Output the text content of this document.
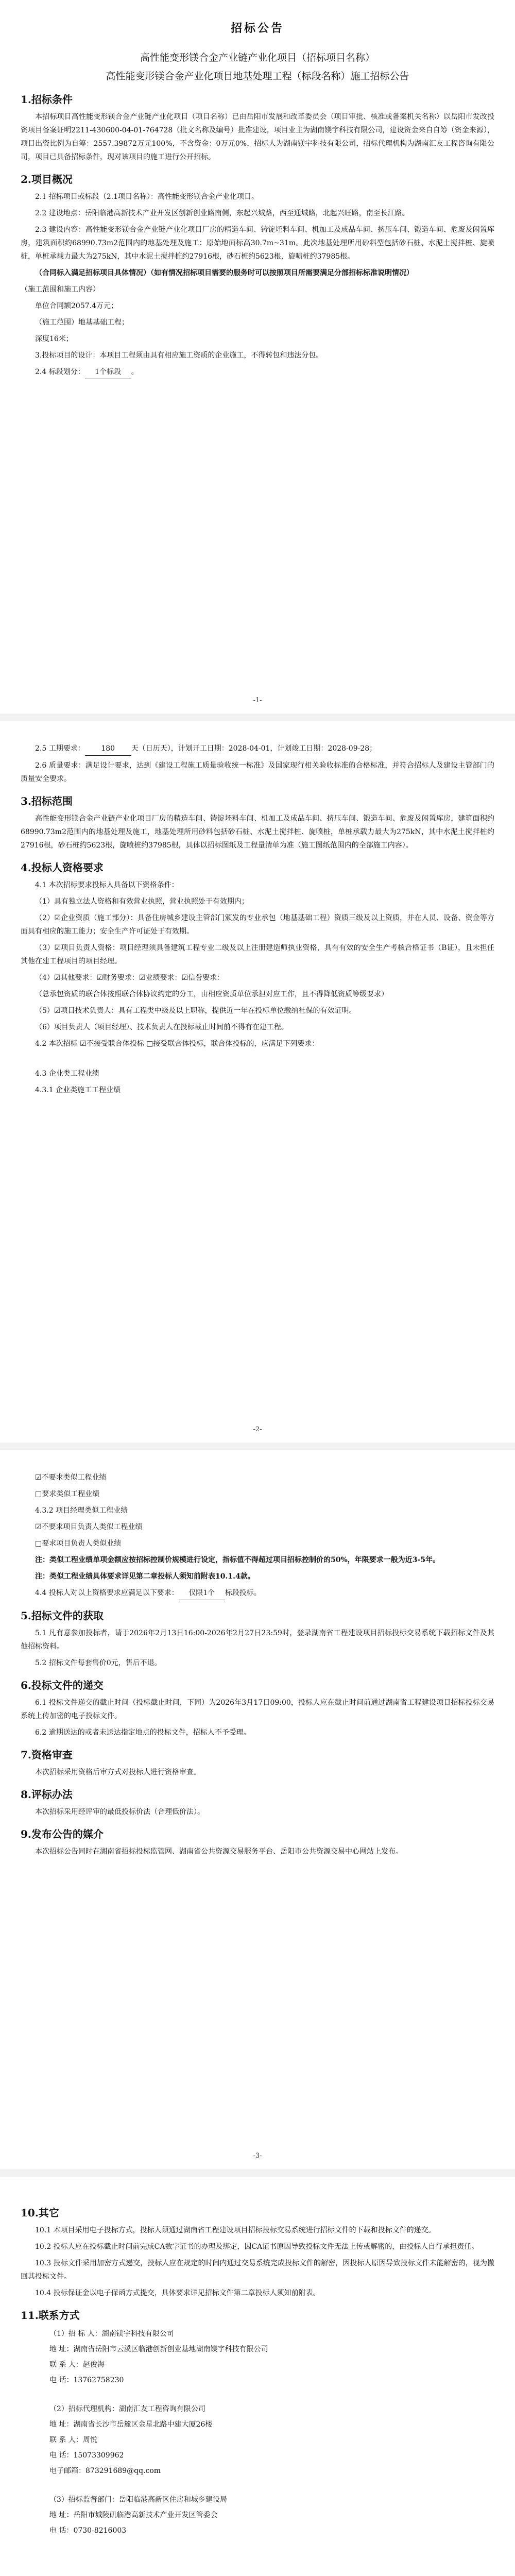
招标公告
高性能变形镁合金产业链产业化项目（招标项目名称）
高性能变形镁合金产业化项目地基处理工程（标段名称）施工招标公告
1.招标条件

本招标项目高性能变形镁合金产业链产业化项目（项目名称）已由岳阳市发展和改革委员会（项目审批、核准或备案机关名称）以岳阳市发改投资项目备案证明2211-430600-04-01-764728（批文名称及编号）批准建设，项目业主为湖南镁宇科技有限公司，建设资金来自自筹（资金来源），项目出资比例为自筹：2557.39872万元100%，不含资金：0万元0%，招标人为湖南镁宇科技有限公司，招标代理机构为湖南汇友工程咨询有限公司，项目已具备招标条件，现对该项目的施工进行公开招标。

2.项目概况

2.1 招标项目或标段（2.1项目名称）：高性能变形镁合金产业化项目。

2.2 建设地点：岳阳临港高新技术产业开发区创新创业路南侧，东起兴城路，西至通城路，北起兴旺路，南至长江路。

2.3 建设内容：高性能变形镁合金产业链产业化项目厂房的精造车间、铸锭坯料车间、机加工及成品车间、挤压车间、锻造车间、危废及闲置库房，建筑面积约68990.73m2范围内的地基处理及施工：原始地面标高30.7m~31m。此次地基处理所用砂料型包括砂石桩、水泥土搅拌桩、旋喷桩，单桩承载力最大为275kN，其中水泥土搅拌桩约27916根，砂石桩约5623根，旋喷桩约37985根。

（合同标入满足招标项目具体情况）（如有情况招标项目需要的服务时可以按照项目所需要满足分部招标标准说明情况）

（施工范围和施工内容）

单位合同额2057.4万元；

（施工范围）地基基础工程；

深度16米；

3.投标项目的设计：本项目工程须由具有相应施工资质的企业施工，不得转包和违法分包。

2.4 标段划分： 1个标段 。

-1-

2.5 工期要求： 180 天（日历天），计划开工日期：2028-04-01，计划竣工日期：2028-09-28；

2.6 质量要求：满足设计要求，达到《建设工程施工质量验收统一标准》及国家现行相关验收标准的合格标准，并符合招标人及建设主管部门的质量安全要求。

3.招标范围

高性能变形镁合金产业链产业化项目厂房的精造车间、铸锭坯料车间、机加工及成品车间、挤压车间、锻造车间、危废及闲置库房，建筑面积约68990.73m2范围内的地基处理及施工，地基处理所用砂料包括砂石桩、水泥土搅拌桩、旋喷桩，单桩承载力最大为275kN，其中水泥土搅拌桩约27916根，砂石桩约5623根，旋喷桩约37985根，具体以招标图纸及工程量清单为准（施工图纸范围内的全部施工内容）。

4.投标人资格要求

4.1 本次招标要求投标人具备以下资格条件：

（1）具有独立法人资格和有效营业执照，营业执照处于有效期内；

（2）☑企业资质（施工部分）：具备住房城乡建设主管部门颁发的专业承包（地基基础工程）资质三级及以上资质，并在人员、设备、资金等方面具有相应的施工能力；安全生产许可证处于有效期。

（3）☑项目负责人资格：项目经理须具备建筑工程专业二级及以上注册建造师执业资格，具有有效的安全生产考核合格证书（B证），且未担任其他在建工程项目的项目经理。

（4）☑其他要求：☑财务要求：☑业绩要求：☑信誉要求：

（总承包资质的联合体按照联合体协议约定的分工，由相应资质单位承担对应工作，且不得降低资质等级要求）

（5）☑项目技术负责人：具有工程类中级及以上职称，提供近一年在投标单位缴纳社保的有效证明。

（6）项目负责人（项目经理）、技术负责人在投标截止时间前不得有在建工程。

4.2 本次招标 ☑不接受联合体投标 □接受联合体投标，联合体投标的，应满足下列要求：

4.3 企业类工程业绩

4.3.1 企业类施工工程业绩

-2-

☑不要求类似工程业绩

□要求类似工程业绩

4.3.2 项目经理类似工程业绩

☑不要求项目负责人类似工程业绩

□要求项目负责人类似业绩

注：类似工程业绩单项金额应按招标控制价规模进行设定，指标值不得超过项目招标控制价的50%，年限要求一般为近3-5年。

注：类似工程业绩具体要求详见第二章投标人须知前附表10.1.4款。

4.4 投标人对以上资格要求应满足以下要求： 仅限1个 标段投标。

5.招标文件的获取

5.1 凡有意参加投标者，请于2026年2月13日16:00-2026年2月27日23:59时，登录湖南省工程建设项目招标投标交易系统下载招标文件及其他招标资料。

5.2 招标文件每套售价0元，售后不退。

6.投标文件的递交

6.1 投标文件递交的截止时间（投标截止时间，下同）为2026年3月17日09:00，投标人应在截止时间前通过湖南省工程建设项目招标投标交易系统上传加密的电子投标文件。

6.2 逾期送达的或者未送达指定地点的投标文件，招标人不予受理。

7.资格审查

本次招标采用资格后审方式对投标人进行资格审查。

8.评标办法

本次招标采用经评审的最低投标价法（合理低价法）。

9.发布公告的媒介

本次招标公告同时在湖南省招标投标监管网、湖南省公共资源交易服务平台、岳阳市公共资源交易中心网站上发布。

-3-
10.其它

10.1 本项目采用电子投标方式，投标人须通过湖南省工程建设项目招标投标交易系统进行招标文件的下载和投标文件的递交。

10.2 投标人应在投标截止时间前完成CA数字证书的办理及绑定，因CA证书原因导致投标文件无法上传或解密的，由投标人自行承担责任。

10.3 投标文件采用加密方式递交，投标人应在规定的时间内通过交易系统完成投标文件的解密，因投标人原因导致投标文件未能解密的，视为撤回其投标文件。

10.4 投标保证金以电子保函方式提交，具体要求详见招标文件第二章投标人须知前附表。

11.联系方式

（1）招 标 人：湖南镁宇科技有限公司

地 址：湖南省岳阳市云溪区临港创新创业基地湖南镁宇科技有限公司

联 系 人：赵俊海

电 话：13762758230

（2）招标代理机构：湖南汇友工程咨询有限公司

地 址：湖南省长沙市岳麓区金星北路中建大厦26楼

联 系 人：周悦

电 话：15073309962

电子邮箱：873291689@qq.com

（3）招标监督部门：岳阳临港高新区住房和城乡建设局

地 址：岳阳市城陵矶临港高新技术产业开发区管委会

电 话：0730-8216003
